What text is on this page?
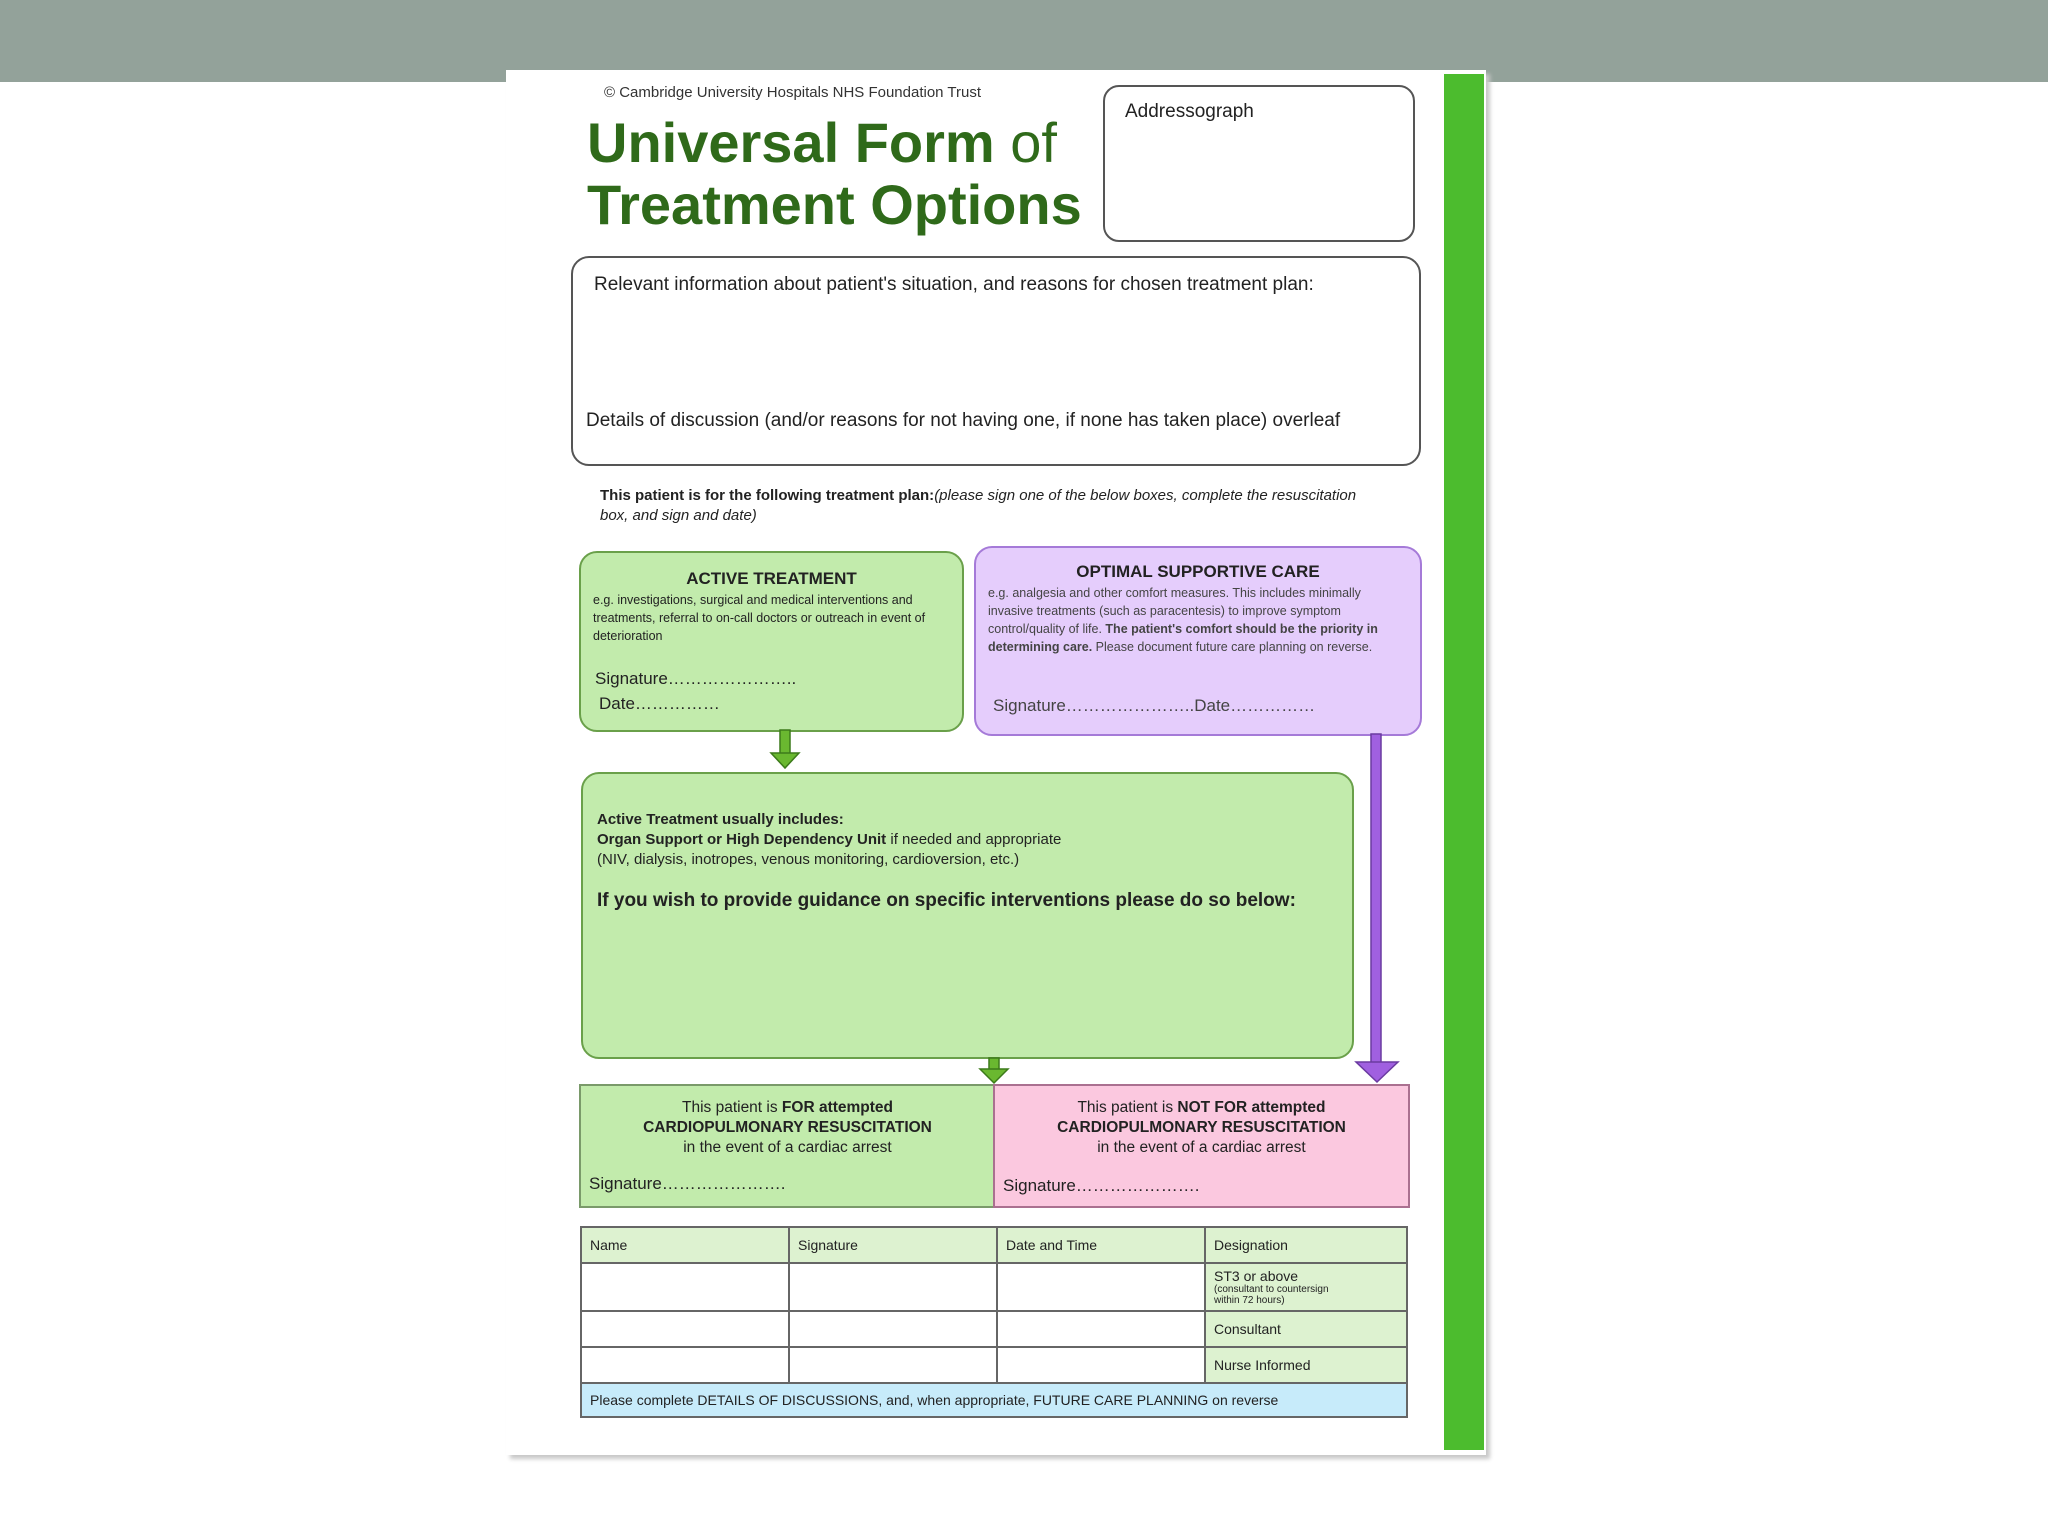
© Cambridge University Hospitals NHS Foundation Trust
Universal Form of
Treatment Options
Addressograph
Relevant information about patient's situation, and reasons for chosen treatment plan:
Details of discussion (and/or reasons for not having one, if none has taken place) overleaf
This patient is for the following treatment plan:(please sign one of the below boxes, complete the resuscitation box, and sign and date)
ACTIVE TREATMENT
e.g. investigations, surgical and medical interventions and treatments, referral to on-call doctors or outreach in event of deterioration
Signature…………………..
Date……………
OPTIMAL SUPPORTIVE CARE
e.g. analgesia and other comfort measures. This includes minimally invasive treatments (such as paracentesis) to improve symptom control/quality of life. The patient's comfort should be the priority in determining care. Please document future care planning on reverse.
Signature…………………..Date……………
Active Treatment usually includes:
Organ Support or High Dependency Unit if needed and appropriate
(NIV, dialysis, inotropes, venous monitoring, cardioversion, etc.)
If you wish to provide guidance on specific interventions please do so below:
This patient is FOR attempted
CARDIOPULMONARY RESUSCITATION
in the event of a cardiac arrest
Signature………………….
This patient is NOT FOR attempted
CARDIOPULMONARY RESUSCITATION
in the event of a cardiac arrest
Signature………………….
Name	Signature	Date and Time	Designation
			ST3 or above (consultant to countersign within 72 hours)
			Consultant
			Nurse Informed
Please complete DETAILS OF DISCUSSIONS, and, when appropriate, FUTURE CARE PLANNING on reverse			
